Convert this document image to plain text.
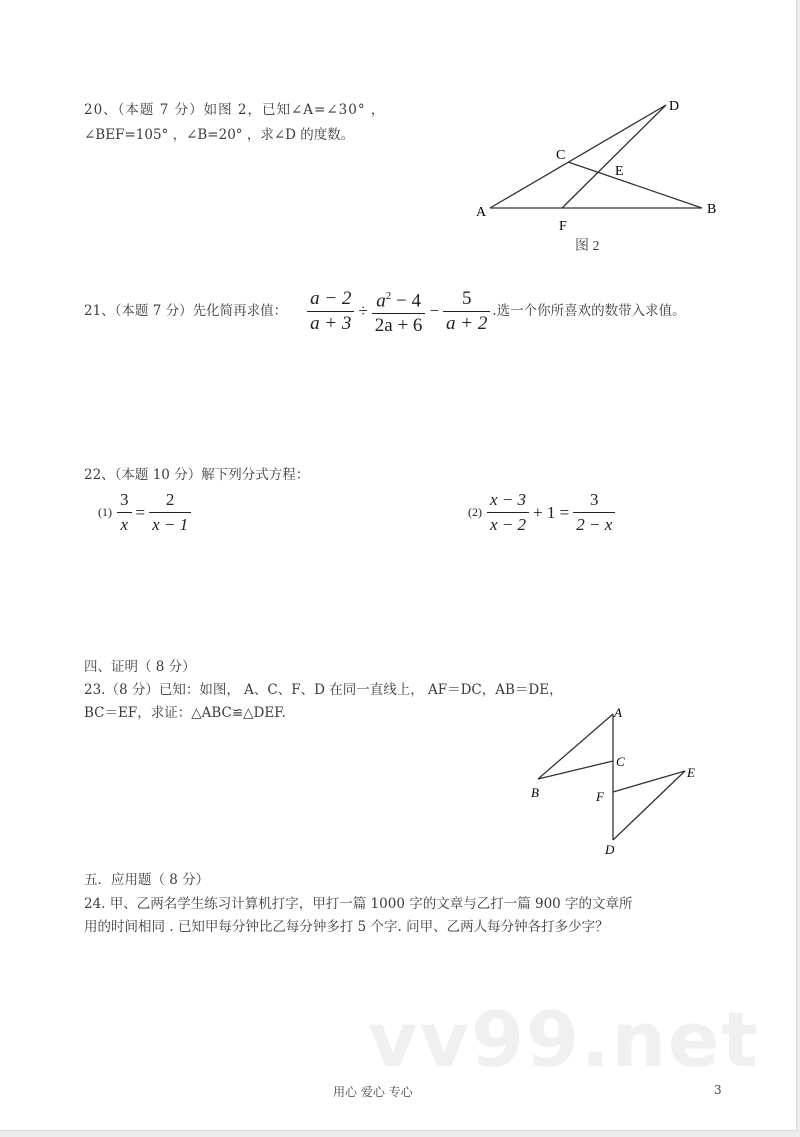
20、（本题 7 分）如图 2，已知∠A=∠30° ，
∠BEF=105° ，∠B=20° ，求∠D 的度数。
A	B
C
D
E
F
图 2
21、（本题 7 分）先化简再求值： $\frac{a - 2}{a + 3} \div \frac{a^2 - 4}{2a + 6} - \frac{5}{a + 2}$ .选一个你所喜欢的数带入求值。
22、（本题 10 分）解下列分式方程：
$(1) \frac{3}{x} = \frac{2}{x - 1}$	$(2) \frac{x - 3}{x - 2} + 1 = \frac{3}{2 - x}$
四、证明（ 8 分）
23.（8 分）已知：如图， A、C、F、D 在同一直线上， AF＝DC，AB＝DE，
BC＝EF，求证：△ABC≌△DEF.	A
B
C
D
E
F
五．应用题（ 8 分）
24. 甲、乙两名学生练习计算机打字，甲打一篇 1000 字的文章与乙打一篇 900 字的文章所
用的时间相同 . 已知甲每分钟比乙每分钟多打 5 个字. 问甲、乙两人每分钟各打多少字？
vv99.net
用心 爱心 专心	3
